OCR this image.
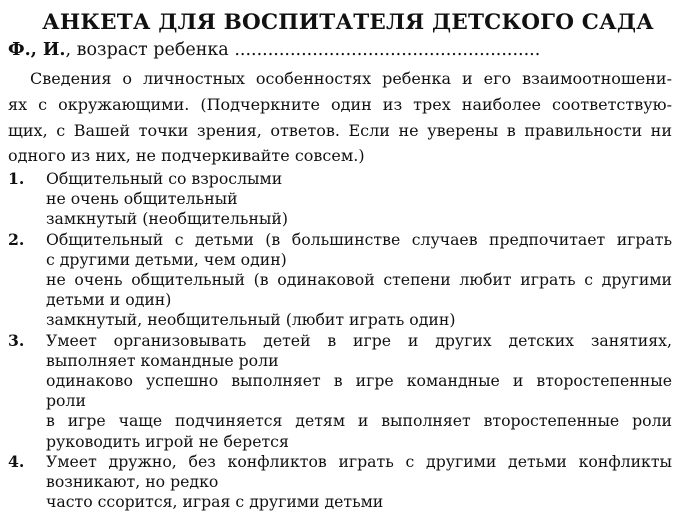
АНКЕТА ДЛЯ ВОСПИТАТЕЛЯ ДЕТСКОГО САДА
Ф., И., возраст ребенка .......................................................
Сведения о личностных особенностях ребенка и его взаимоотношени-
ях с окружающими. (Подчеркните один из трех наиболее соответствую-
щих, с Вашей точки зрения, ответов. Если не уверены в правильности ни
одного из них, не подчеркивайте совсем.)
1. Общительный со взрослыми
не очень общительный
замкнутый (необщительный)
2. Общительный с детьми (в большинстве случаев предпочитает играть
с другими детьми, чем один)
не очень общительный (в одинаковой степени любит играть с другими
детьми и один)
замкнутый, необщительный (любит играть один)
3. Умеет организовывать детей в игре и других детских занятиях,
выполняет командные роли
одинаково успешно выполняет в игре командные и второстепенные
роли
в игре чаще подчиняется детям и выполняет второстепенные роли
руководить игрой не берется
4. Умеет дружно, без конфликтов играть с другими детьми конфликты
возникают, но редко
часто ссорится, играя с другими детьми
